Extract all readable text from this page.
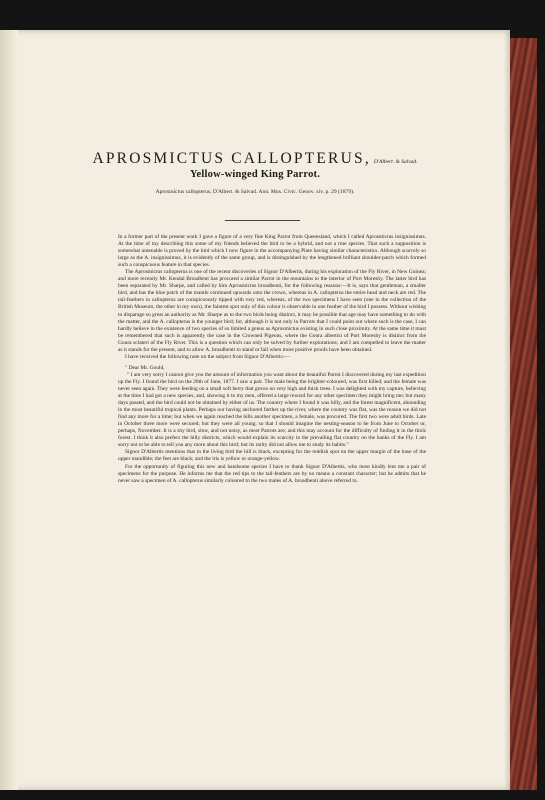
APROSMICTUS CALLOPTERUS, D'Albert. & Salvad.
Yellow-winged King Parrot.
Aprosmictus callopterus, D'Albert. & Salvad. Ann. Mus. Civic. Genov. xiv. p. 29 (1879).

In a former part of the present work I gave a figure of a very fine King Parrot from Queensland, which I called Aprosmictus insignissimus. At the time of my describing this some of my friends believed the bird to be a hybrid, and not a true species. That such a supposition is somewhat untenable is proved by the bird which I now figure in the accompanying Plate having similar characteristics. Although scarcely so large as the A. insignissimus, it is evidently of the same group, and is distinguished by the lengthened brilliant shoulder-patch which formed such a conspicuous feature in that species.

The Aprosmictus callopterus is one of the recent discoveries of Signor D'Albertis, during his exploration of the Fly River, in New Guinea; and more recently Mr. Kendal Broadbent has procured a similar Parrot in the mountains to the interior of Port Moresby. The latter bird has been separated by Mr. Sharpe, and called by him Aprosmictus broadbenti, for the following reasons:—It is, says that gentleman, a smaller bird, and has the blue patch of the mantle continued upwards onto the crown, whereas in A. callopterus the entire head and neck are red. The tail-feathers in callopterus are conspicuously tipped with rosy red, whereas, of the two specimens I have seen (one in the collection of the British Museum, the other in my own), the faintest spot only of this colour is observable in one feather of the bird I possess. Without wishing to disparage so great an authority as Mr. Sharpe as to the two birds being distinct, it may be possible that age may have something to do with the matter, and the A. callopterus is the younger bird; for, although it is not only in Parrots that I could point out where such is the case, I can hardly believe in the existence of two species of so limited a genus as Aprosmictus existing in such close proximity. At the same time it must be remembered that such is apparently the case in the Crowned Pigeons, where the Goura albertisi of Port Moresby is distinct from the Goura sclateri of the Fly River. This is a question which can only be solved by further explorations; and I am compelled to leave the matter as it stands for the present, and to allow A. broadbenti to stand or fall when more positive proofs have been obtained.

I have received the following note on the subject from Signor D'Albertis:—

" Dear Mr. Gould,

" I am very sorry I cannot give you the amount of information you want about the beautiful Parrot I discovered during my last expedition up the Fly. I found the bird on the 28th of June, 1877. I saw a pair. The male being the brighter-coloured, was first killed; and the female was never seen again. They were feeding on a small soft berry that grows on very high and thick trees. I was delighted with my capture, believing at the time I had got a new species, and, showing it to my men, offered a large reward for any other specimen they might bring me; but many days passed, and the bird could not be obtained by either of us. The country where I found it was hilly, and the forest magnificent, abounding in the most beautiful tropical plants. Perhaps our having anchored further up the river, where the country was flat, was the reason we did not find any more for a time; but when we again reached the hills another specimen, a female, was procured. The first two were adult birds. Late in October three more were secured; but they were all young; so that I should imagine the nesting-season to be from June to October or, perhaps, November. It is a shy bird, slow, and not noisy, as most Parrots are; and this may account for the difficulty of finding it in the thick forest. I think it also prefers the hilly districts, which would explain its scarcity in the prevailing flat country on the banks of the Fly. I am sorry not to be able to tell you any more about this bird; but its rarity did not allow me to study its habits."

Signor D'Albertis mentions that in the living bird the bill is black, excepting for the reddish spot on the upper margin of the base of the upper mandible; the feet are black; and the iris is yellow or orange-yellow.

For the opportunity of figuring this new and handsome species I have to thank Signor D'Albertis, who most kindly lent me a pair of specimens for the purpose. He informs me that the red tips to the tail-feathers are by no means a constant character; but he admits that he never saw a specimen of A. callopterus similarly coloured to the two males of A. broadbenti above referred to.
